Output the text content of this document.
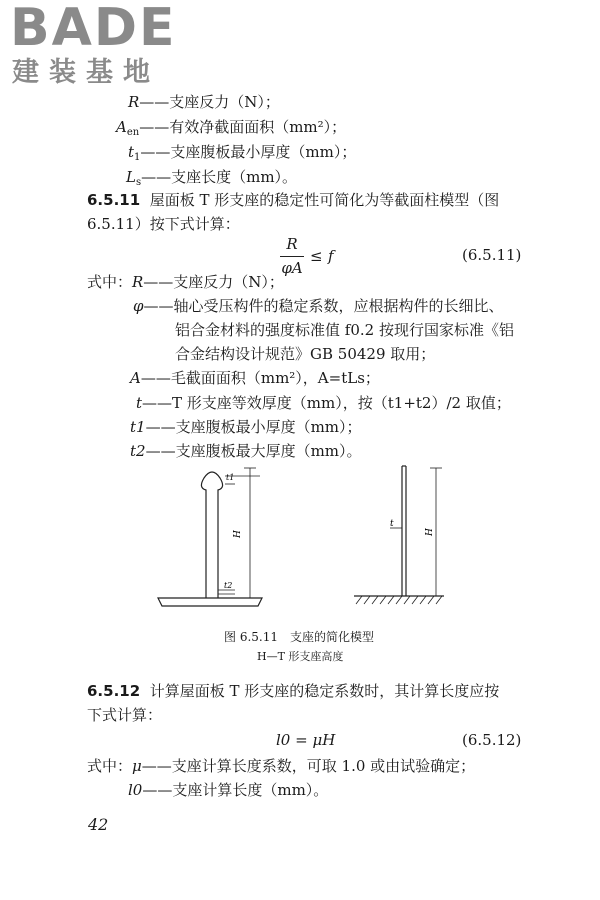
BADE
建装基地
R——支座反力（N）；
$A_{en}——$有效净截面面积（mm²）；
$t_1——$支座腹板最小厚度（mm）；
$L_s——$支座长度（mm）。
6.5.11 屋面板 T 形支座的稳定性可简化为等截面柱模型（图
6.5.11）按下式计算：
R
φA
≤ f	(6.5.11)
式中： R——支座反力（N）；
φ——轴心受压构件的稳定系数，应根据构件的长细比、
铝合金材料的强度标准值 f0.2 按现行国家标准《铝
合金结构设计规范》GB 50429 取用；
A——毛截面面积（mm²），A=tLs；
t——T 形支座等效厚度（mm），按（t1+t2）/2 取值；
t1——支座腹板最小厚度（mm）；
t2——支座腹板最大厚度（mm）。
t1
t2
H
t
H
图 6.5.11　支座的简化模型
H—T 形支座高度
6.5.12 计算屋面板 T 形支座的稳定系数时，其计算长度应按
下式计算：
l0 = μH	(6.5.12)
式中： μ——支座计算长度系数，可取 1.0 或由试验确定；
l0——支座计算长度（mm）。
42
